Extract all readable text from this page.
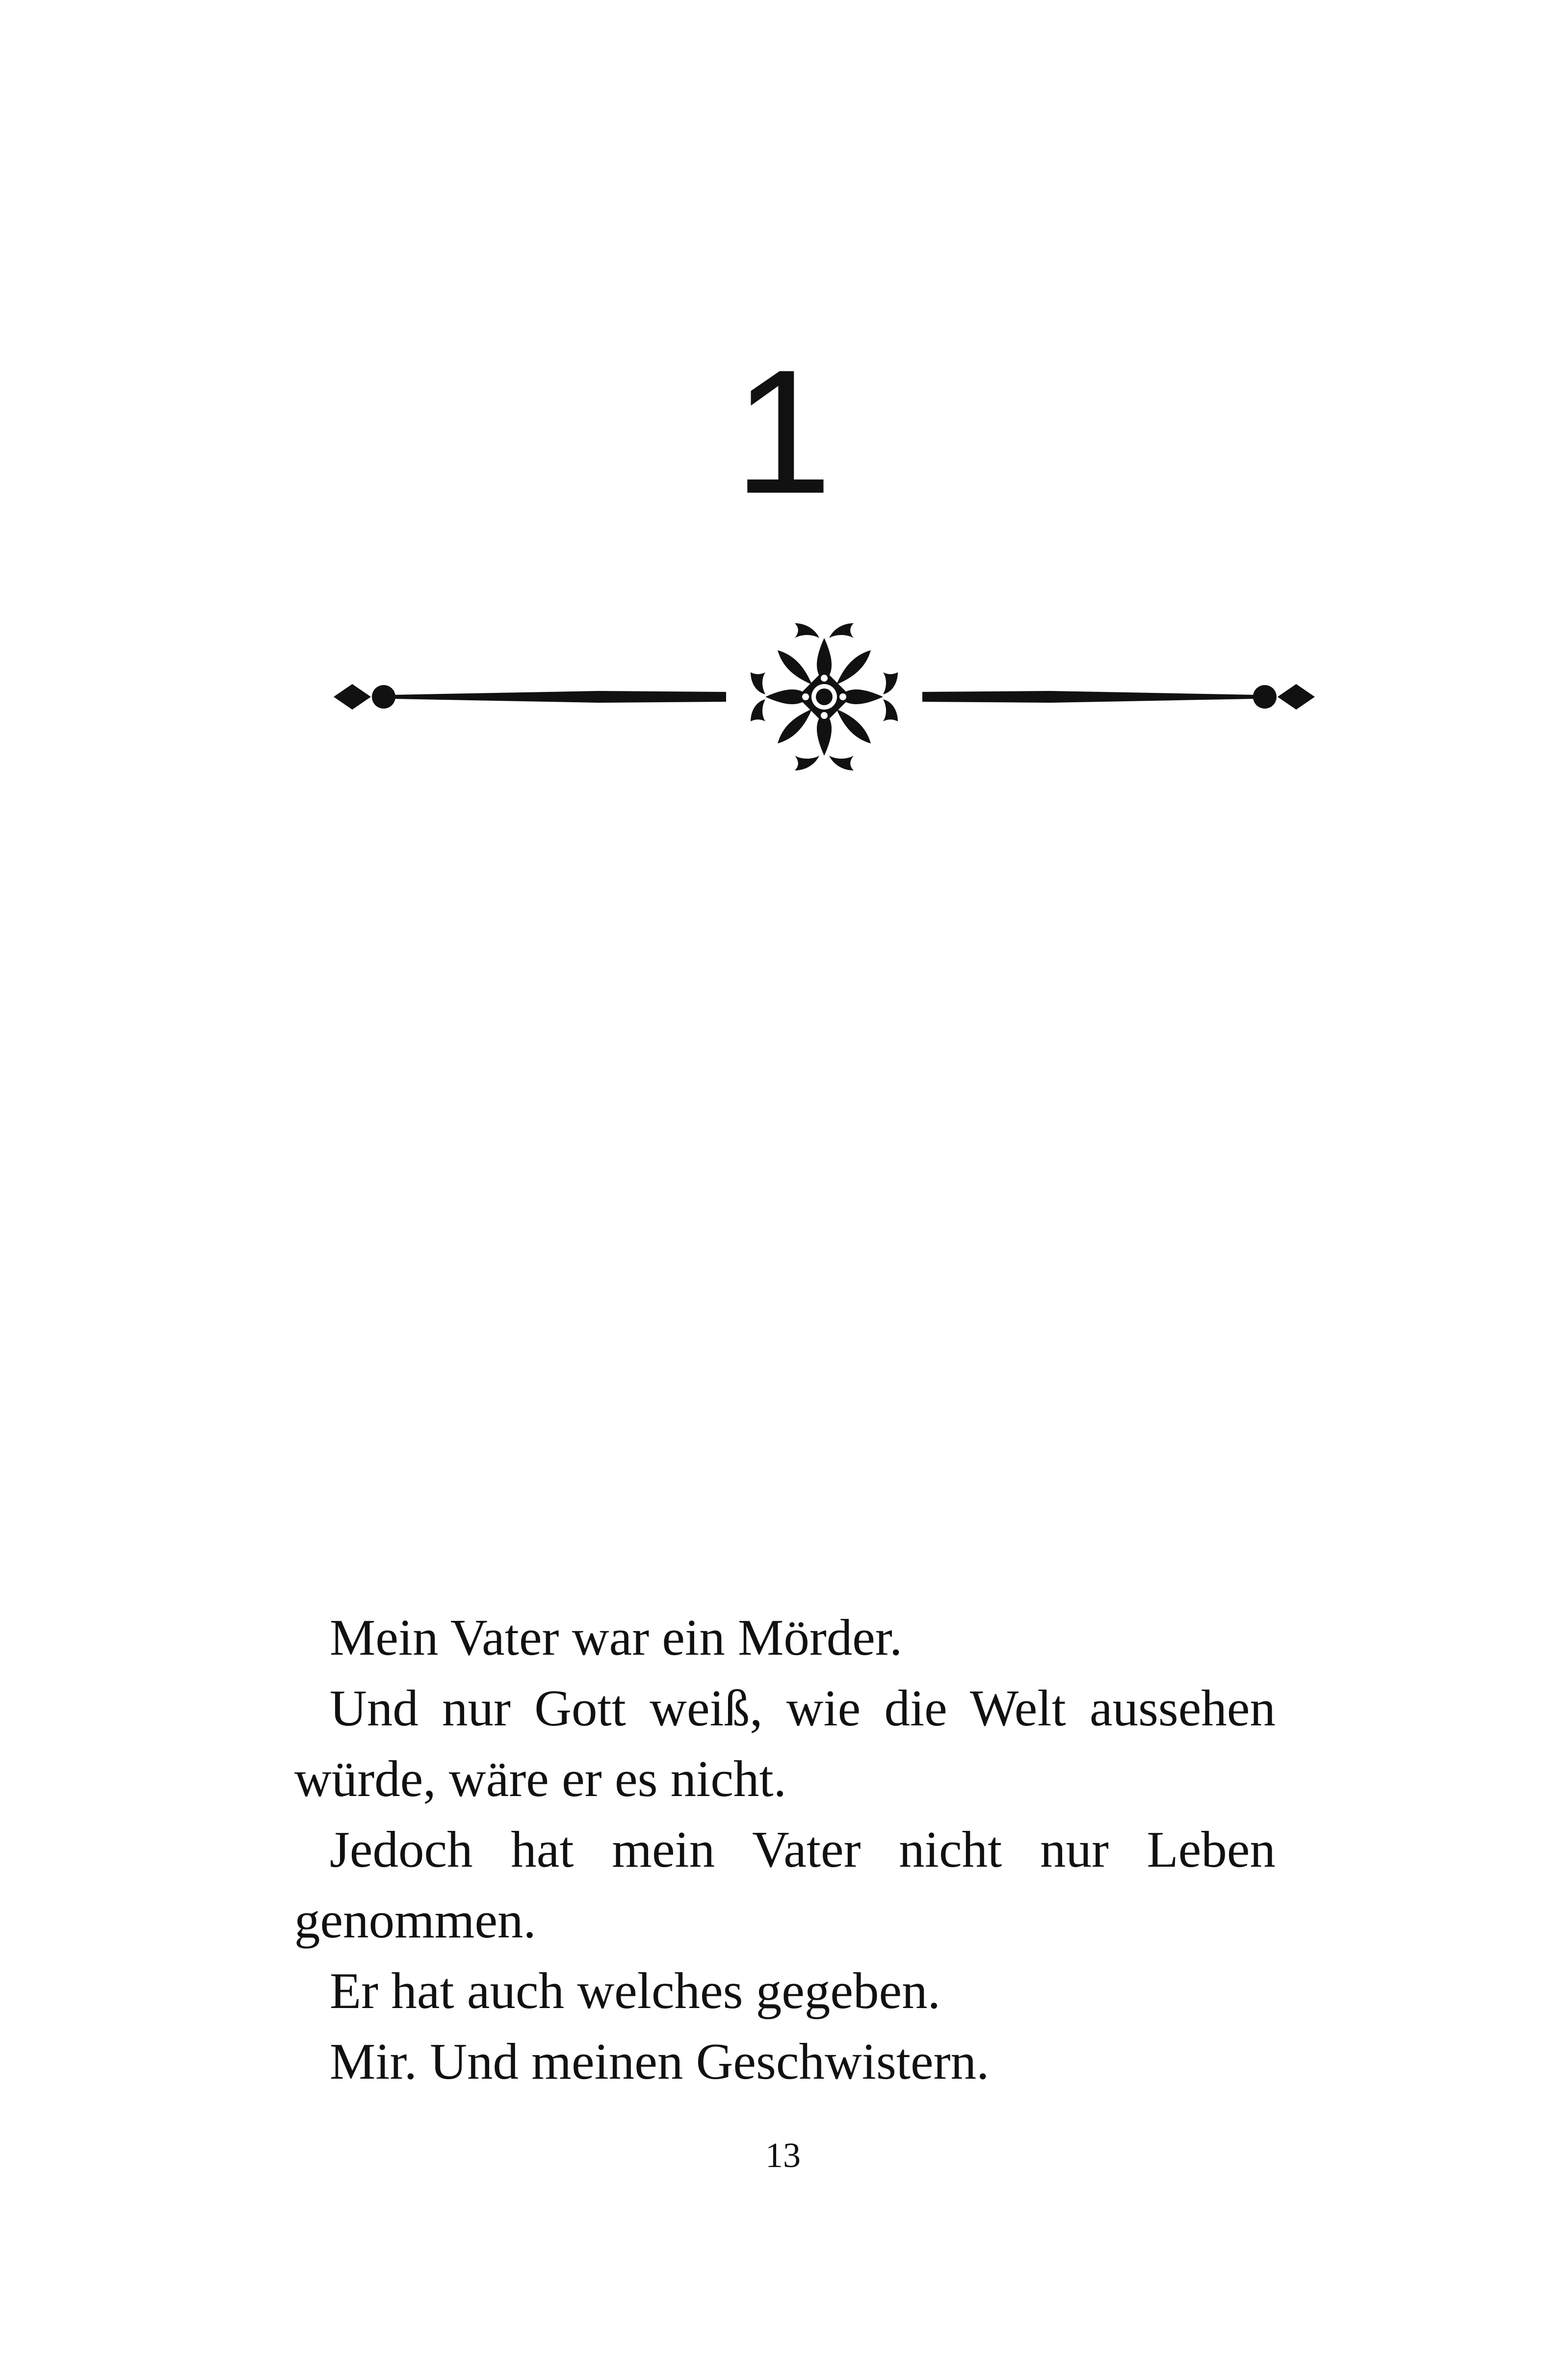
1

Mein Vater war ein Mörder.

Und nur Gott weiß, wie die Welt aussehen würde, wäre er es nicht.

Jedoch hat mein Vater nicht nur Leben genommen.

Er hat auch welches gegeben.

Mir. Und meinen Geschwistern.

13
